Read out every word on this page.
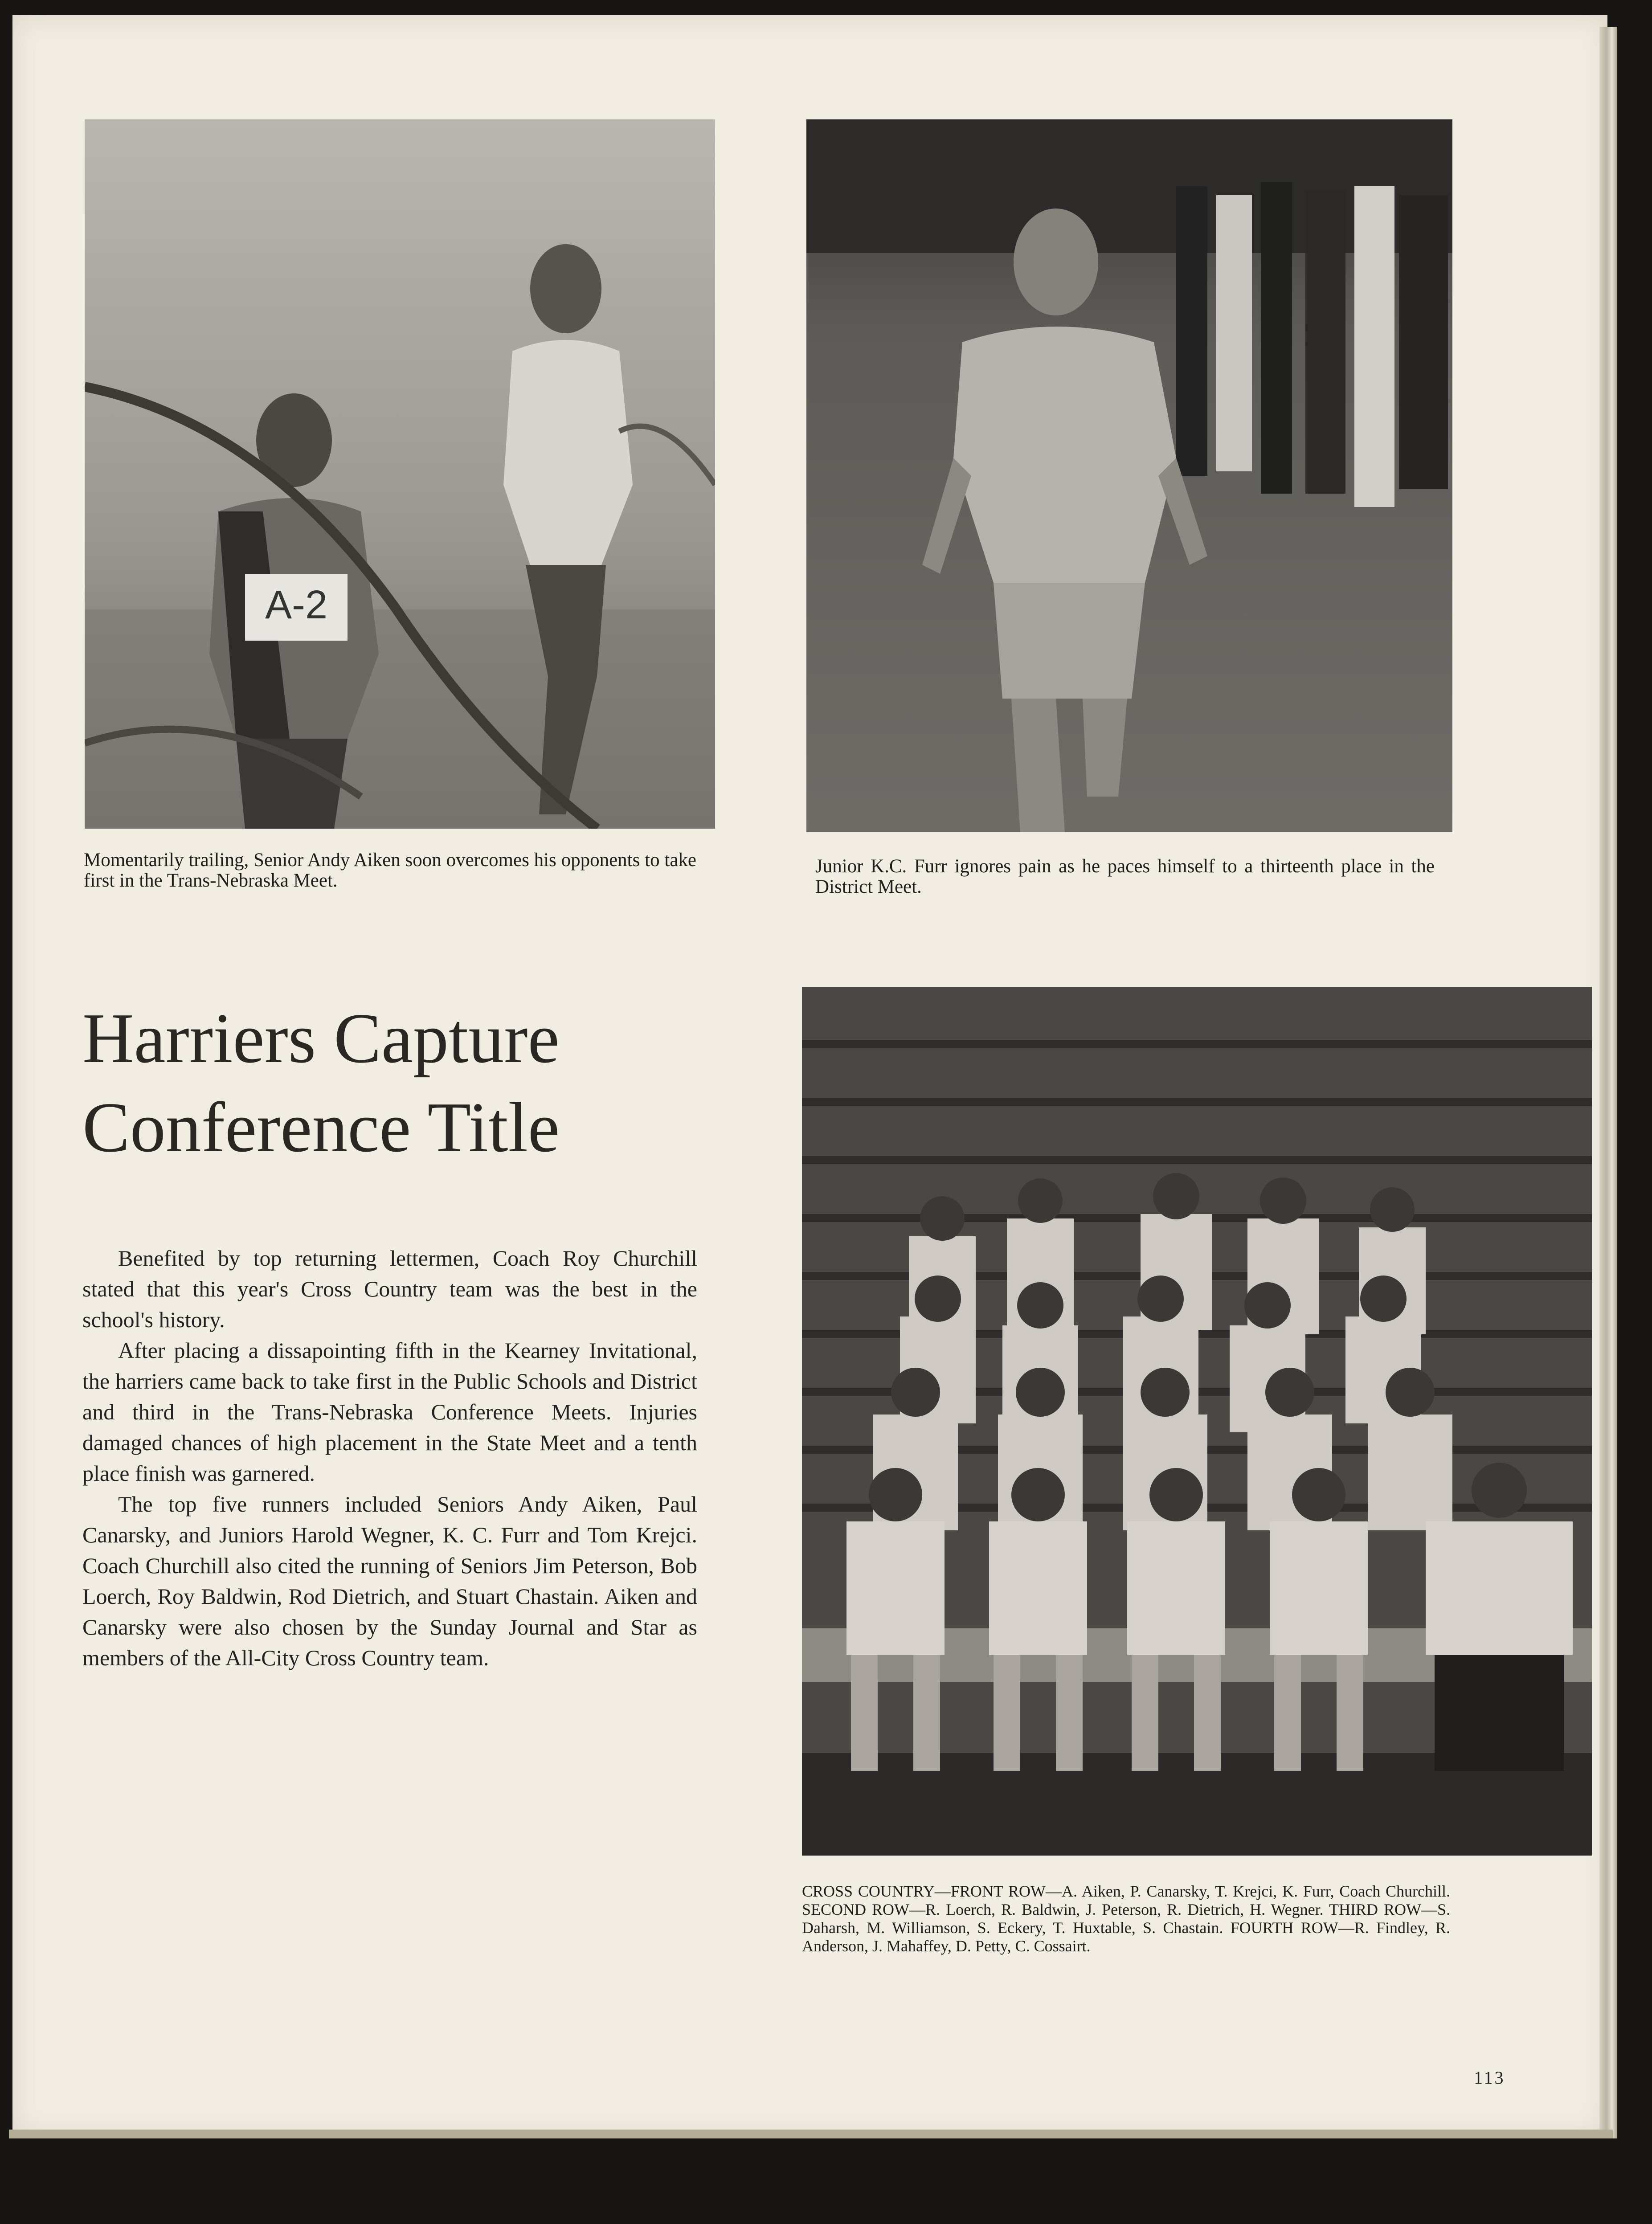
A-2

Momentarily trailing, Senior Andy Aiken soon overcomes his opponents to take first in the Trans-Nebraska Meet.

Junior K.C. Furr ignores pain as he paces himself to a thirteenth place in the District Meet.

Harriers Capture
Conference Title

Benefited by top returning lettermen, Coach Roy Churchill stated that this year's Cross Country team was the best in the school's history.

After placing a dissapointing fifth in the Kearney Invitational, the harriers came back to take first in the Public Schools and District and third in the Trans-Nebraska Conference Meets. Injuries damaged chances of high placement in the State Meet and a tenth place finish was garnered.

The top five runners included Seniors Andy Aiken, Paul Canarsky, and Juniors Harold Wegner, K. C. Furr and Tom Krejci. Coach Churchill also cited the running of Seniors Jim Peterson, Bob Loerch, Roy Baldwin, Rod Dietrich, and Stuart Chastain. Aiken and Canarsky were also chosen by the Sunday Journal and Star as members of the All-City Cross Country team.

CROSS COUNTRY—FRONT ROW—A. Aiken, P. Canarsky, T. Krejci, K. Furr, Coach Churchill. SECOND ROW—R. Loerch, R. Baldwin, J. Peterson, R. Dietrich, H. Wegner. THIRD ROW—S. Daharsh, M. Williamson, S. Eckery, T. Huxtable, S. Chastain. FOURTH ROW—R. Findley, R. Anderson, J. Mahaffey, D. Petty, C. Cossairt.

113
